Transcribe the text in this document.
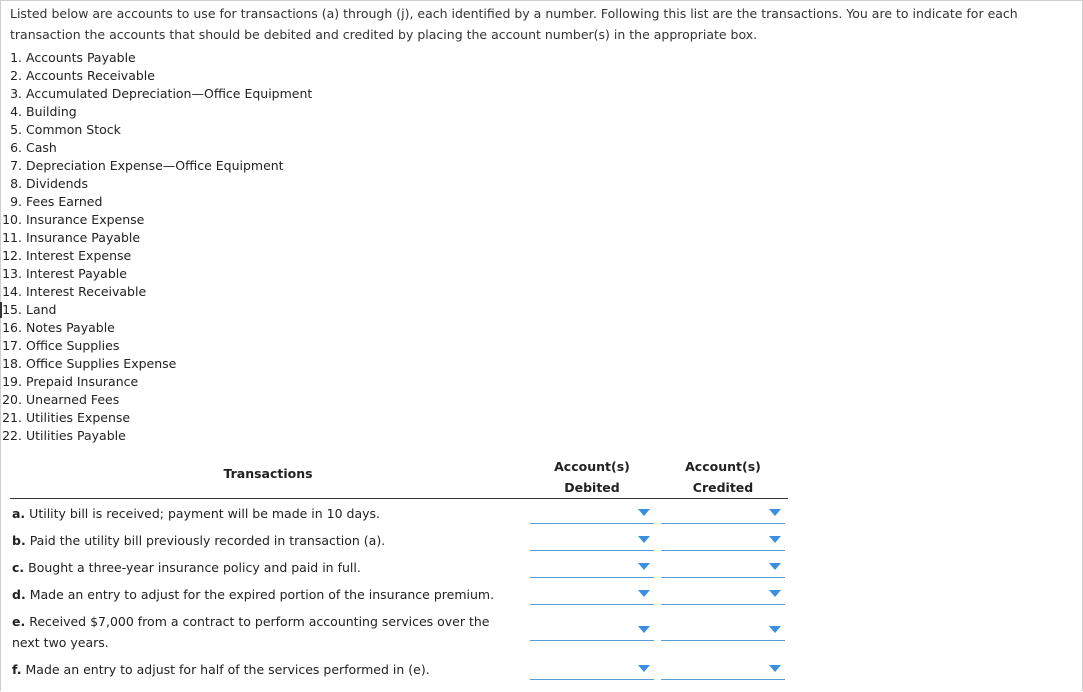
Listed below are accounts to use for transactions (a) through (j), each identified by a number. Following this list are the transactions. You are to indicate for each transaction the accounts that should be debited and credited by placing the account number(s) in the appropriate box.
1. Accounts Payable
2. Accounts Receivable
3. Accumulated Depreciation—Office Equipment
4. Building
5. Common Stock
6. Cash
7. Depreciation Expense—Office Equipment
8. Dividends
9. Fees Earned
10. Insurance Expense
11. Insurance Payable
12. Interest Expense
13. Interest Payable
14. Interest Receivable
15. Land
16. Notes Payable
17. Office Supplies
18. Office Supplies Expense
19. Prepaid Insurance
20. Unearned Fees
21. Utilities Expense
22. Utilities Payable
Transactions	Account(s)
Debited
Account(s)
Credited
a. Utility bill is received; payment will be made in 10 days.
b. Paid the utility bill previously recorded in transaction (a).
c. Bought a three-year insurance policy and paid in full.
d. Made an entry to adjust for the expired portion of the insurance premium.
e. Received $7,000 from a contract to perform accounting services over the next two years.
f. Made an entry to adjust for half of the services performed in (e).
